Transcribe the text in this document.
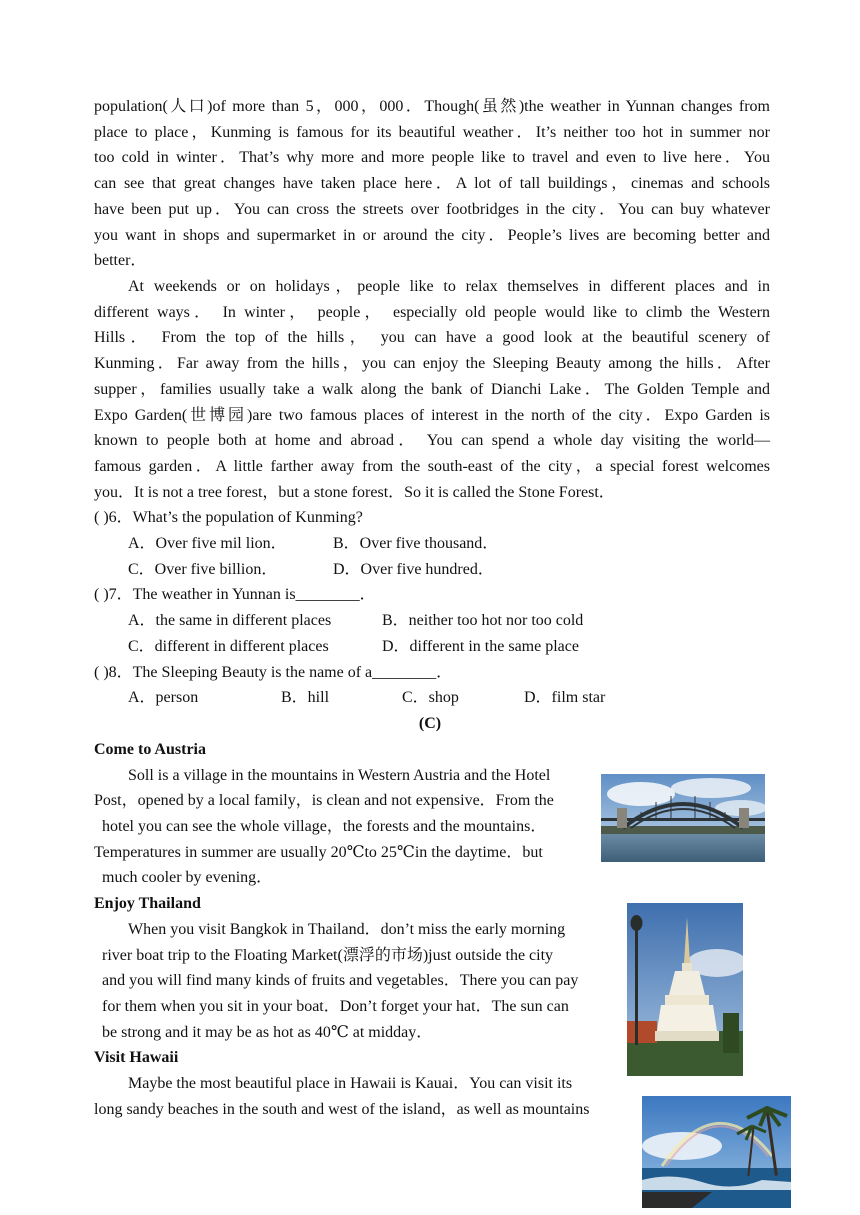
population(人口)of more than 5，000，000．Though(虽然)the weather in Yunnan changes from
place to place，Kunming is famous for its beautiful weather．It’s neither too hot in summer nor
too cold in winter．That’s why more and more people like to travel and even to live here．You
can see that great changes have taken place here．A lot of tall buildings，cinemas and schools
have been put up．You can cross the streets over footbridges in the city．You can buy whatever
you want in shops and supermarket in or around the city．People’s lives are becoming better and
better．
At weekends or on holidays，people like to relax themselves in different places and in
different ways． In winter， people， especially old people would like to climb the Western
Hills． From the top of the hills， you can have a good look at the beautiful scenery of
Kunming．Far away from the hills，you can enjoy the Sleeping Beauty among the hills．After
supper，families usually take a walk along the bank of Dianchi Lake．The Golden Temple and
Expo Garden(世博园)are two famous places of interest in the north of the city．Expo Garden is
known to people both at home and abroad． You can spend a whole day visiting the world—
famous garden．A little farther away from the south-east of the city，a special forest welcomes
you．It is not a tree forest，but a stone forest．So it is called the Stone Forest．
( )6．What’s the population of Kunming?
A．Over five mil lion．	B．Over five thousand．
C．Over five billion．	D．Over five hundred．
( )7．The weather in Yunnan is________．
A．the same in different places	B．neither too hot nor too cold
C．different in different places	D．different in the same place
( )8．The Sleeping Beauty is the name of a________．
A．person	B．hill	C．shop	D．film star
(C)
Come to Austria
Soll is a village in the mountains in Western Austria and the Hotel
Post，opened by a local family，is clean and not expensive．From the
hotel you can see the whole village，the forests and the mountains．
Temperatures in summer are usually 20℃to 25℃in the daytime．but
much cooler by evening．
Enjoy Thailand
When you visit Bangkok in Thailand．don’t miss the early morning
river boat trip to the Floating Market(漂浮的市场)just outside the city
and you will find many kinds of fruits and vegetables．There you can pay
for them when you sit in your boat．Don’t forget your hat．The sun can
be strong and it may be as hot as 40℃ at midday．
Visit Hawaii
Maybe the most beautiful place in Hawaii is Kauai．You can visit its
long sandy beaches in the south and west of the island，as well as mountains
